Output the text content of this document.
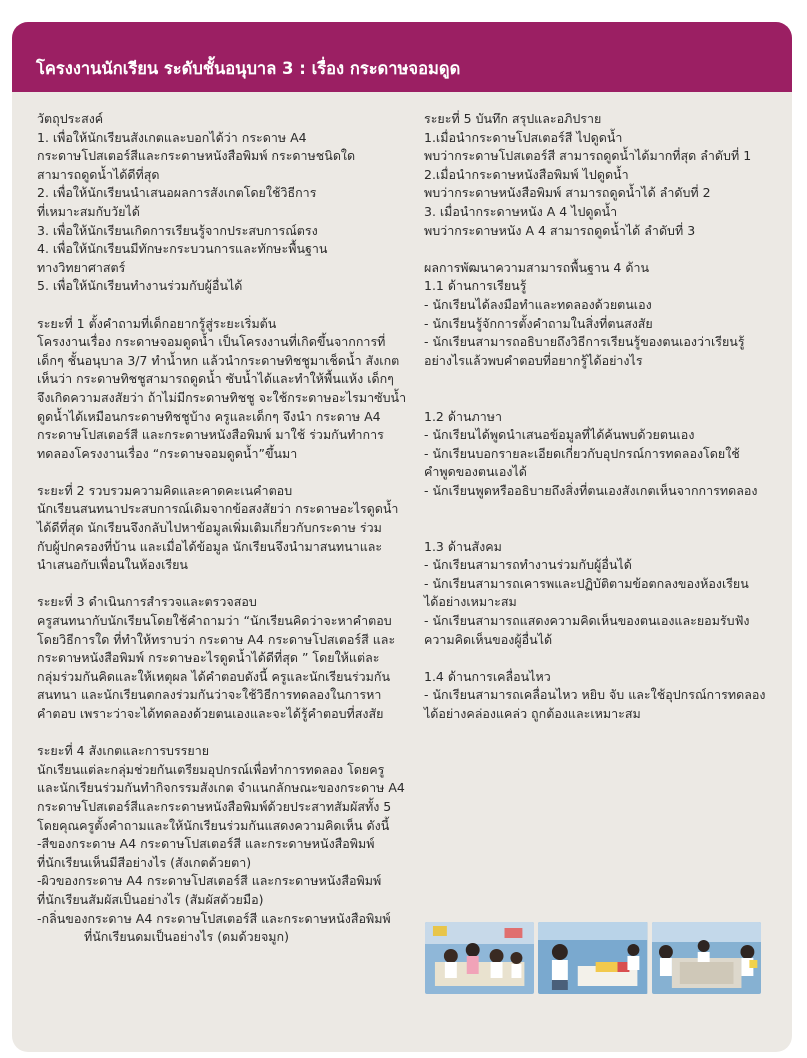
โครงงานนักเรียน ระดับชั้นอนุบาล 3 : เรื่อง กระดาษจอมดูด

วัตถุประสงค์

1. เพื่อให้นักเรียนสังเกตและบอกได้ว่า กระดาษ A4

กระดาษโปสเตอร์สีและกระดาษหนังสือพิมพ์ กระดาษชนิดใด

สามารถดูดน้ำได้ดีที่สุด

2. เพื่อให้นักเรียนนำเสนอผลการสังเกตโดยใช้วิธีการ

ที่เหมาะสมกับวัยได้

3. เพื่อให้นักเรียนเกิดการเรียนรู้จากประสบการณ์ตรง

4. เพื่อให้นักเรียนมีทักษะกระบวนการและทักษะพื้นฐาน

ทางวิทยาศาสตร์

5. เพื่อให้นักเรียนทำงานร่วมกับผู้อื่นได้

ระยะที่ 1 ตั้งคำถามที่เด็กอยากรู้สู่ระยะเริ่มต้น

โครงงานเรื่อง กระดาษจอมดูดน้ำ เป็นโครงงานที่เกิดขึ้นจากการที่

เด็กๆ ชั้นอนุบาล 3/7 ทำน้ำหก แล้วนำกระดาษทิชชูมาเช็ดน้ำ สังเกต

เห็นว่า กระดาษทิชชูสามารถดูดน้ำ ซับน้ำได้และทำให้พื้นแห้ง เด็กๆ

จึงเกิดความสงสัยว่า ถ้าไม่มีกระดาษทิชชู จะใช้กระดาษอะไรมาซับน้ำ

ดูดน้ำได้เหมือนกระดาษทิชชูบ้าง ครูและเด็กๆ จึงนำ กระดาษ A4

กระดาษโปสเตอร์สี และกระดาษหนังสือพิมพ์ มาใช้ ร่วมกันทำการ

ทดลองโครงงานเรื่อง “กระดาษจอมดูดน้ำ”ขึ้นมา

ระยะที่ 2 รวบรวมความคิดและคาดคะเนคำตอบ

นักเรียนสนทนาประสบการณ์เดิมจากข้อสงสัยว่า กระดาษอะไรดูดน้ำ

ได้ดีที่สุด นักเรียนจึงกลับไปหาข้อมูลเพิ่มเติมเกี่ยวกับกระดาษ ร่วม

กับผู้ปกครองที่บ้าน และเมื่อได้ข้อมูล นักเรียนจึงนำมาสนทนาและ

นำเสนอกับเพื่อนในห้องเรียน

ระยะที่ 3 ดำเนินการสำรวจและตรวจสอบ

ครูสนทนากับนักเรียนโดยใช้คำถามว่า “นักเรียนคิดว่าจะหาคำตอบ

โดยวิธีการใด ที่ทำให้ทราบว่า กระดาษ A4 กระดาษโปสเตอร์สี และ

กระดาษหนังสือพิมพ์ กระดาษอะไรดูดน้ำได้ดีที่สุด ” โดยให้แต่ละ

กลุ่มร่วมกันคิดและให้เหตุผล ได้คำตอบดังนี้ ครูและนักเรียนร่วมกัน

สนทนา และนักเรียนตกลงร่วมกันว่าจะใช้วิธีการทดลองในการหา

คำตอบ เพราะว่าจะได้ทดลองด้วยตนเองและจะได้รู้คำตอบที่สงสัย

ระยะที่ 4 สังเกตและการบรรยาย

นักเรียนแต่ละกลุ่มช่วยกันเตรียมอุปกรณ์เพื่อทำการทดลอง โดยครู

และนักเรียนร่วมกันทำกิจกรรมสังเกต จำแนกลักษณะของกระดาษ A4

กระดาษโปสเตอร์สีและกระดาษหนังสือพิมพ์ด้วยประสาทสัมผัสทั้ง 5

โดยคุณครูตั้งคำถามและให้นักเรียนร่วมกันแสดงความคิดเห็น ดังนี้

-สีของกระดาษ A4 กระดาษโปสเตอร์สี และกระดาษหนังสือพิมพ์

ที่นักเรียนเห็นมีสีอย่างไร (สังเกตด้วยตา)

-ผิวของกระดาษ A4 กระดาษโปสเตอร์สี และกระดาษหนังสือพิมพ์

ที่นักเรียนสัมผัสเป็นอย่างไร (สัมผัสด้วยมือ)

-กลิ่นของกระดาษ A4 กระดาษโปสเตอร์สี และกระดาษหนังสือพิมพ์

ที่นักเรียนดมเป็นอย่างไร (ดมด้วยจมูก)

ระยะที่ 5 บันทึก สรุปและอภิปราย

1.เมื่อนำกระดาษโปสเตอร์สี ไปดูดน้ำ

พบว่ากระดาษโปสเตอร์สี สามารถดูดน้ำได้มากที่สุด ลำดับที่ 1

2.เมื่อนำกระดาษหนังสือพิมพ์ ไปดูดน้ำ

พบว่ากระดาษหนังสือพิมพ์ สามารถดูดน้ำได้ ลำดับที่ 2

3. เมื่อนำกระดาษหนัง A 4 ไปดูดน้ำ

พบว่ากระดาษหนัง A 4 สามารถดูดน้ำได้ ลำดับที่ 3

ผลการพัฒนาความสามารถพื้นฐาน 4 ด้าน

1.1 ด้านการเรียนรู้

- นักเรียนได้ลงมือทำและทดลองด้วยตนเอง

- นักเรียนรู้จักการตั้งคำถามในสิ่งที่ตนสงสัย

- นักเรียนสามารถอธิบายถึงวิธีการเรียนรู้ของตนเองว่าเรียนรู้

อย่างไรแล้วพบคำตอบที่อยากรู้ได้อย่างไร

1.2 ด้านภาษา

- นักเรียนได้พูดนำเสนอข้อมูลที่ได้ค้นพบด้วยตนเอง

- นักเรียนบอกรายละเอียดเกี่ยวกับอุปกรณ์การทดลองโดยใช้

คำพูดของตนเองได้

- นักเรียนพูดหรืออธิบายถึงสิ่งที่ตนเองสังเกตเห็นจากการทดลอง

1.3 ด้านสังคม

- นักเรียนสามารถทำงานร่วมกับผู้อื่นได้

- นักเรียนสามารถเคารพและปฏิบัติตามข้อตกลงของห้องเรียน

ได้อย่างเหมาะสม

- นักเรียนสามารถแสดงความคิดเห็นของตนเองและยอมรับฟัง

ความคิดเห็นของผู้อื่นได้

1.4 ด้านการเคลื่อนไหว

- นักเรียนสามารถเคลื่อนไหว หยิบ จับ และใช้อุปกรณ์การทดลอง

ได้อย่างคล่องแคล่ว ถูกต้องและเหมาะสม
